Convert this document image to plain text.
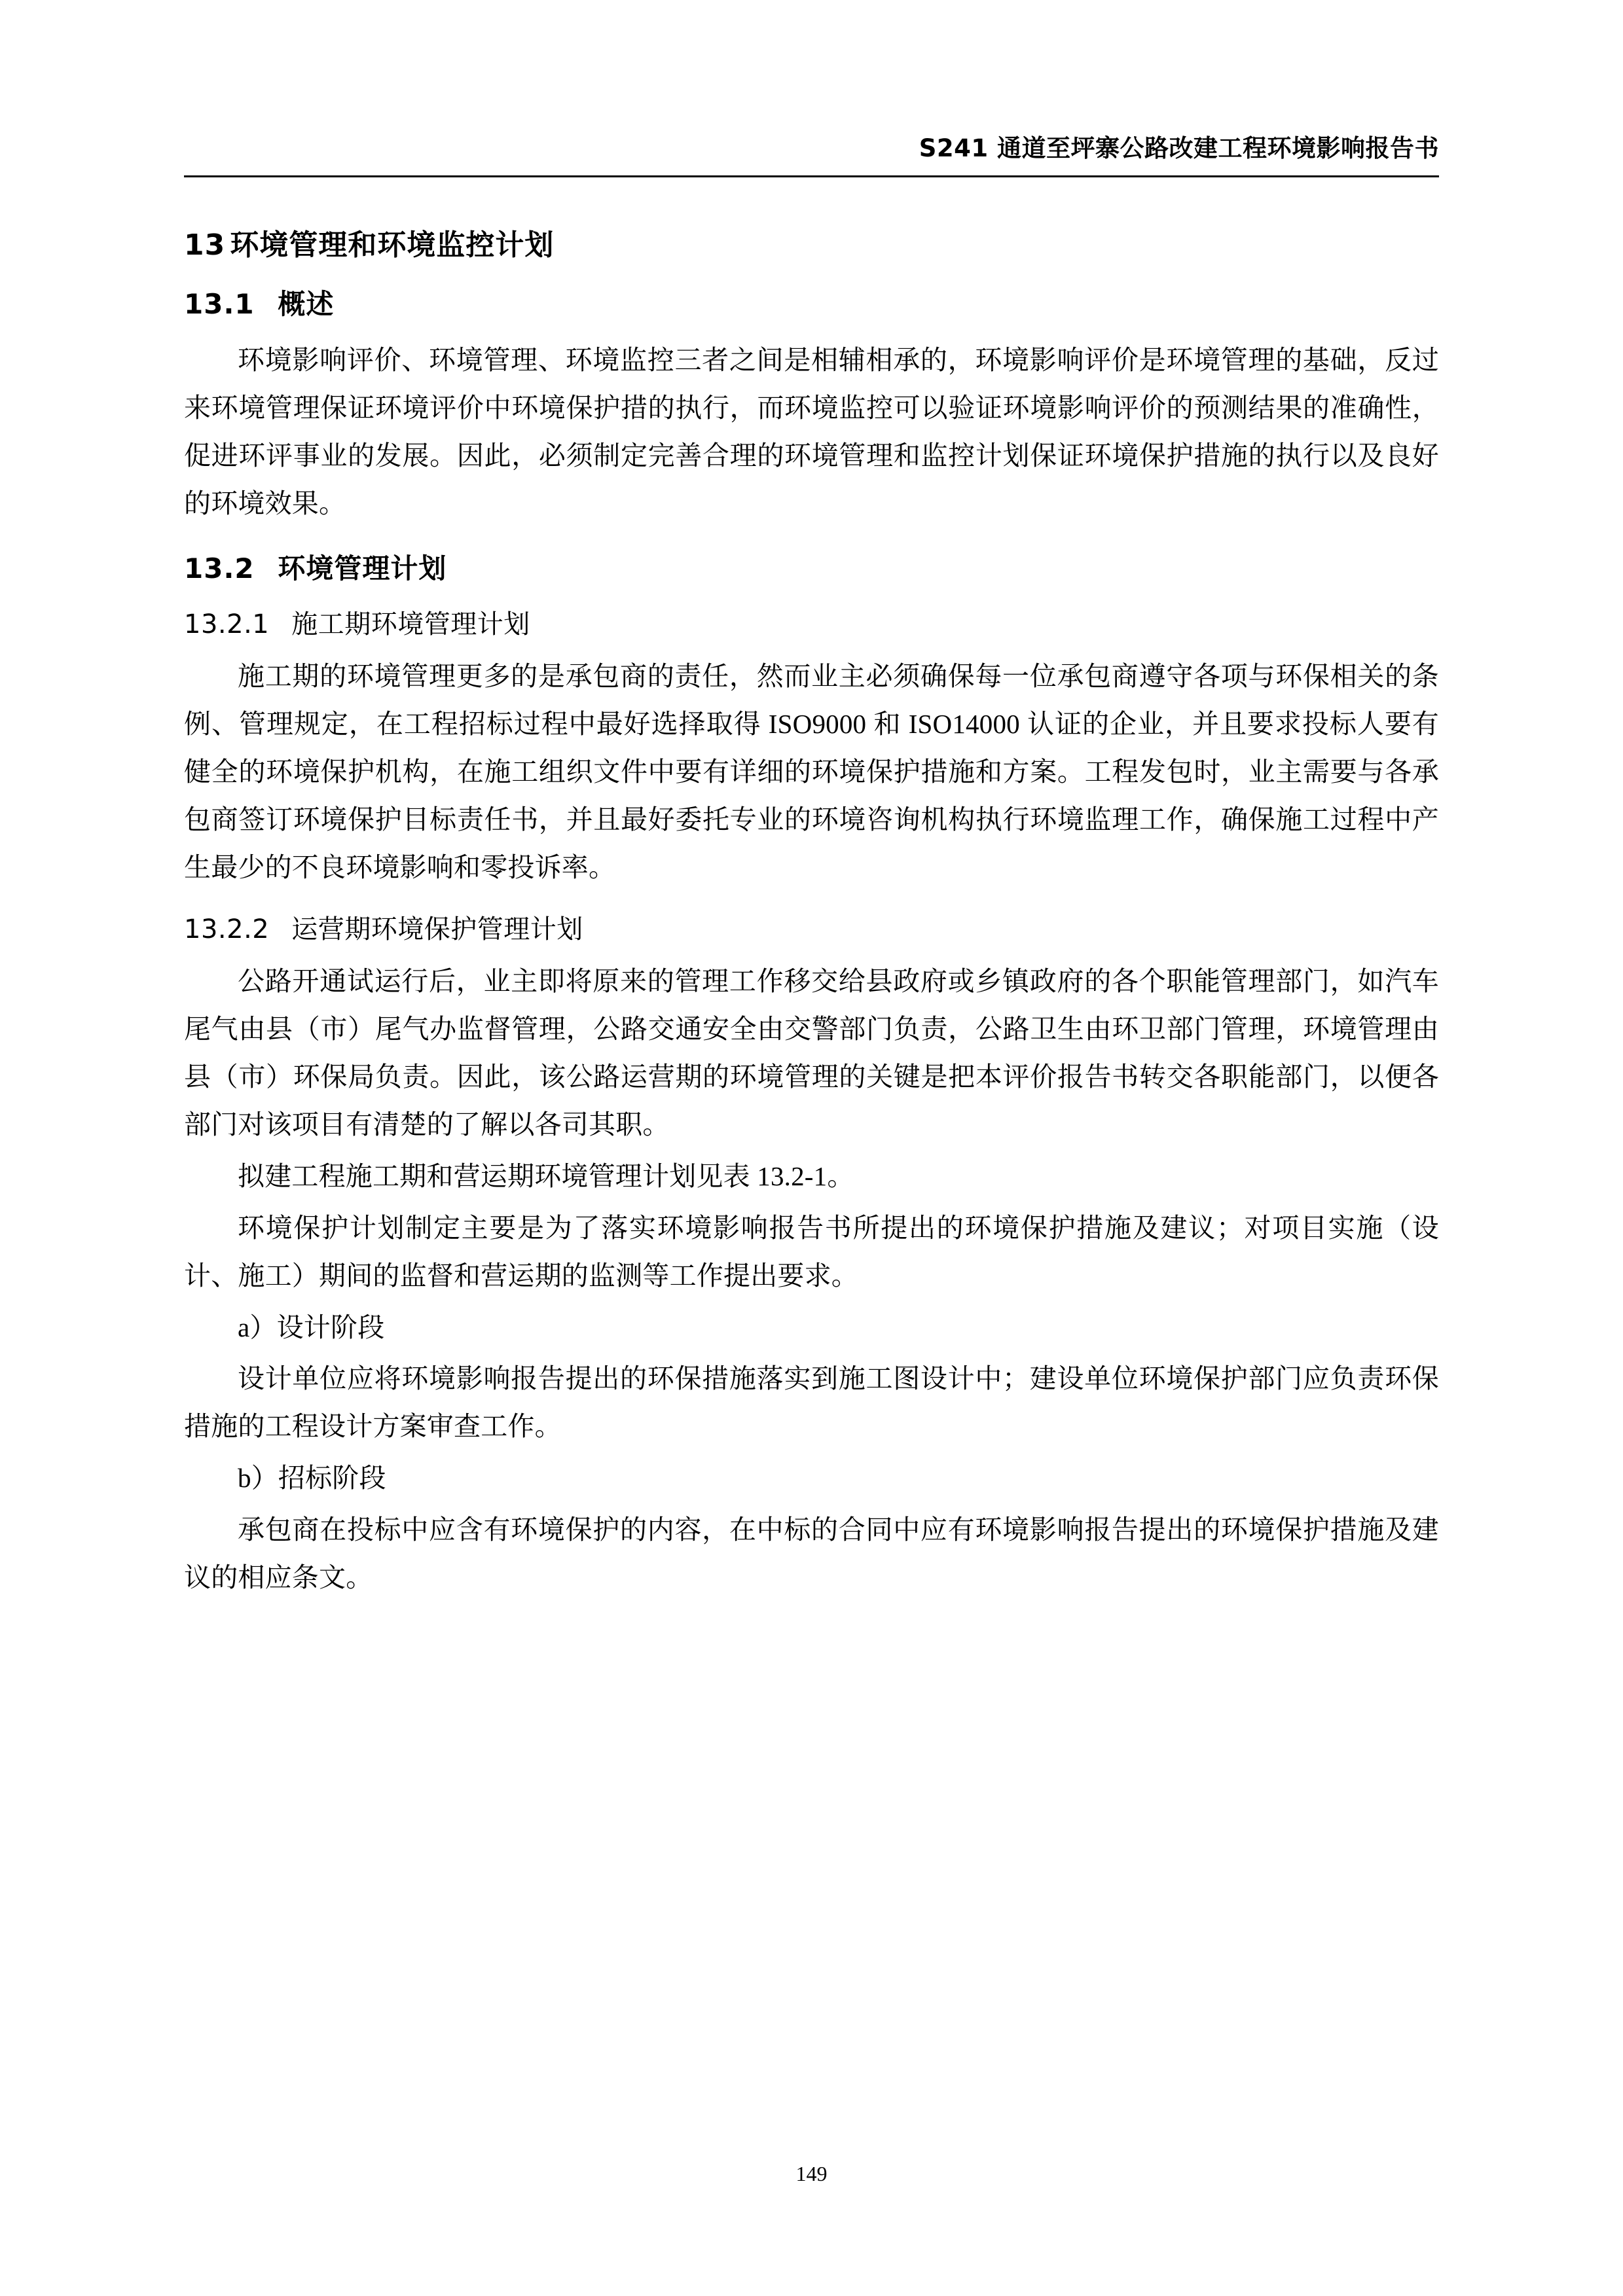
S241 通道至坪寨公路改建工程环境影响报告书
13 环境管理和环境监控计划
13.1 概述

环境影响评价、环境管理、环境监控三者之间是相辅相承的，环境影响评价是环境管理的基础，反过来环境管理保证环境评价中环境保护措的执行，而环境监控可以验证环境影响评价的预测结果的准确性，促进环评事业的发展。因此，必须制定完善合理的环境管理和监控计划保证环境保护措施的执行以及良好的环境效果。

13.2 环境管理计划
13.2.1 施工期环境管理计划

施工期的环境管理更多的是承包商的责任，然而业主必须确保每一位承包商遵守各项与环保相关的条例、管理规定，在工程招标过程中最好选择取得 ISO9000 和 ISO14000 认证的企业，并且要求投标人要有健全的环境保护机构，在施工组织文件中要有详细的环境保护措施和方案。工程发包时，业主需要与各承包商签订环境保护目标责任书，并且最好委托专业的环境咨询机构执行环境监理工作，确保施工过程中产生最少的不良环境影响和零投诉率。

13.2.2 运营期环境保护管理计划

公路开通试运行后，业主即将原来的管理工作移交给县政府或乡镇政府的各个职能管理部门，如汽车尾气由县（市）尾气办监督管理，公路交通安全由交警部门负责，公路卫生由环卫部门管理，环境管理由县（市）环保局负责。因此，该公路运营期的环境管理的关键是把本评价报告书转交各职能部门，以便各部门对该项目有清楚的了解以各司其职。

拟建工程施工期和营运期环境管理计划见表 13.2-1。

环境保护计划制定主要是为了落实环境影响报告书所提出的环境保护措施及建议；对项目实施（设计、施工）期间的监督和营运期的监测等工作提出要求。

a）设计阶段

设计单位应将环境影响报告提出的环保措施落实到施工图设计中；建设单位环境保护部门应负责环保措施的工程设计方案审查工作。

b）招标阶段

承包商在投标中应含有环境保护的内容，在中标的合同中应有环境影响报告提出的环境保护措施及建议的相应条文。

149
